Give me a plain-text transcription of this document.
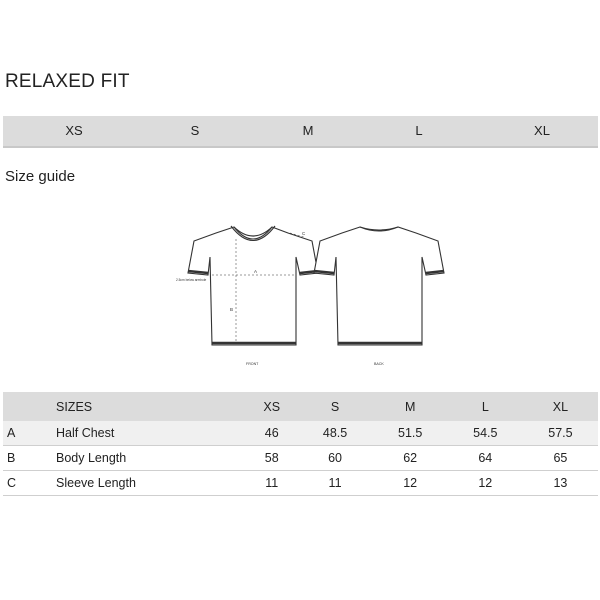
RELAXED FIT
XS	S	M	L	XL
Size guide
A
B
C
2.5cm below armhole
FRONT	BACK
	SIZES	XS	S	M	L	XL
A	Half Chest	46	48.5	51.5	54.5	57.5
B	Body Length	58	60	62	64	65
C	Sleeve Length	11	11	12	12	13
